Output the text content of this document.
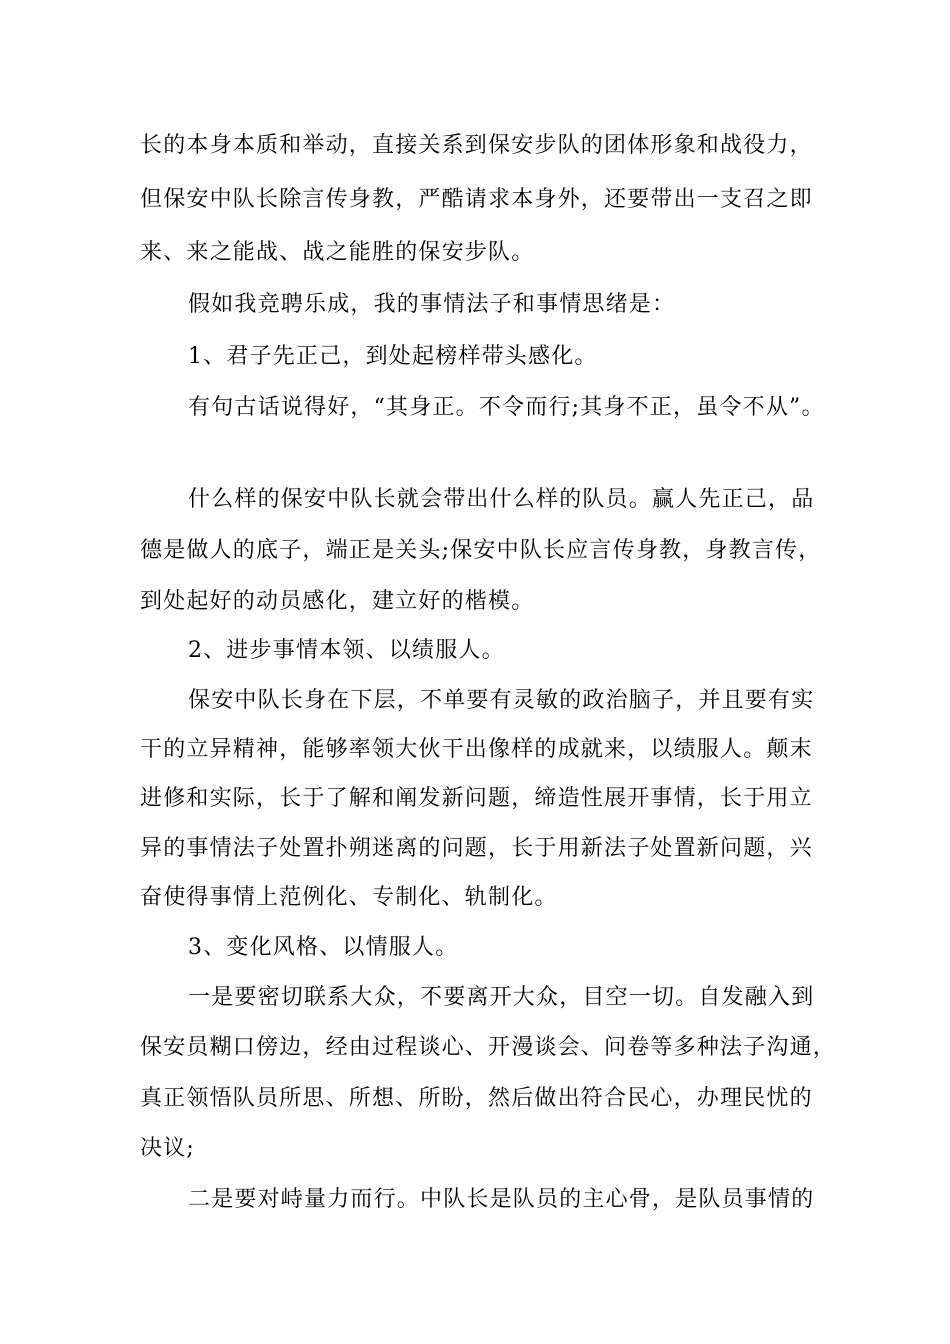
长的本身本质和举动，直接关系到保安步队的团体形象和战役力，

但保安中队长除言传身教，严酷请求本身外，还要带出一支召之即

来、来之能战、战之能胜的保安步队。

假如我竞聘乐成，我的事情法子和事情思绪是：

1、君子先正己，到处起榜样带头感化。

有句古话说得好，“其身正。不令而行;其身不正，虽令不从”。

什么样的保安中队长就会带出什么样的队员。赢人先正己，品

德是做人的底子，端正是关头;保安中队长应言传身教，身教言传，

到处起好的动员感化，建立好的楷模。

2、进步事情本领、以绩服人。

保安中队长身在下层，不单要有灵敏的政治脑子，并且要有实

干的立异精神，能够率领大伙干出像样的成就来，以绩服人。颠末

进修和实际，长于了解和阐发新问题，缔造性展开事情，长于用立

异的事情法子处置扑朔迷离的问题，长于用新法子处置新问题，兴

奋使得事情上范例化、专制化、轨制化。

3、变化风格、以情服人。

一是要密切联系大众，不要离开大众，目空一切。自发融入到

保安员糊口傍边，经由过程谈心、开漫谈会、问卷等多种法子沟通，

真正领悟队员所思、所想、所盼，然后做出符合民心，办理民忧的

决议;

二是要对峙量力而行。中队长是队员的主心骨，是队员事情的
